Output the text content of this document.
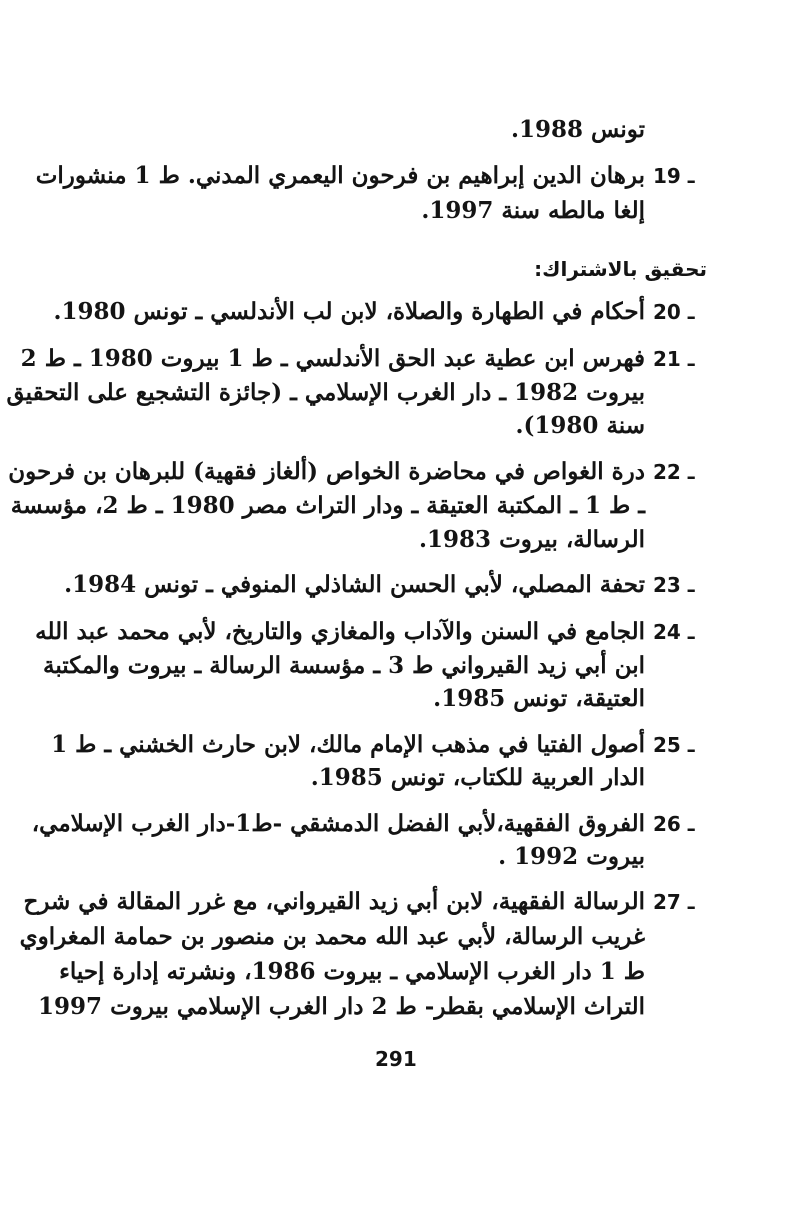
تونس 1988.
19 ـ
برهان الدين إبراهيم بن فرحون اليعمري المدني. ط 1 منشورات
إلغا مالطه سنة 1997.
تحقيق بالاشتراك:
20 ـ
أحكام في الطهارة والصلاة، لابن لب الأندلسي ـ تونس 1980.
21 ـ
فهرس ابن عطية عبد الحق الأندلسي ـ ط 1 بيروت 1980 ـ ط 2
بيروت 1982 ـ دار الغرب الإسلامي ـ (جائزة التشجيع على التحقيق
سنة 1980).
22 ـ
درة الغواص في محاضرة الخواص (ألغاز فقهية) للبرهان بن فرحون
ـ ط 1 ـ المكتبة العتيقة ـ ودار التراث مصر 1980 ـ ط 2، مؤسسة
الرسالة، بيروت 1983.
23 ـ
تحفة المصلي، لأبي الحسن الشاذلي المنوفي ـ تونس 1984.
24 ـ
الجامع في السنن والآداب والمغازي والتاريخ، لأبي محمد عبد الله
ابن أبي زيد القيرواني ط 3 ـ مؤسسة الرسالة ـ بيروت والمكتبة
العتيقة، تونس 1985.
25 ـ
أصول الفتيا في مذهب الإمام مالك، لابن حارث الخشني ـ ط 1
الدار العربية للكتاب، تونس 1985.
26 ـ
الفروق الفقهية،لأبي الفضل الدمشقي -ط1-دار الغرب الإسلامي،
بيروت 1992 .
27 ـ
الرسالة الفقهية، لابن أبي زيد القيرواني، مع غرر المقالة في شرح
غريب الرسالة، لأبي عبد الله محمد بن منصور بن حمامة المغراوي
ط 1 دار الغرب الإسلامي ـ بيروت 1986، ونشرته إدارة إحياء
التراث الإسلامي بقطر- ط 2 دار الغرب الإسلامي بيروت 1997
291
